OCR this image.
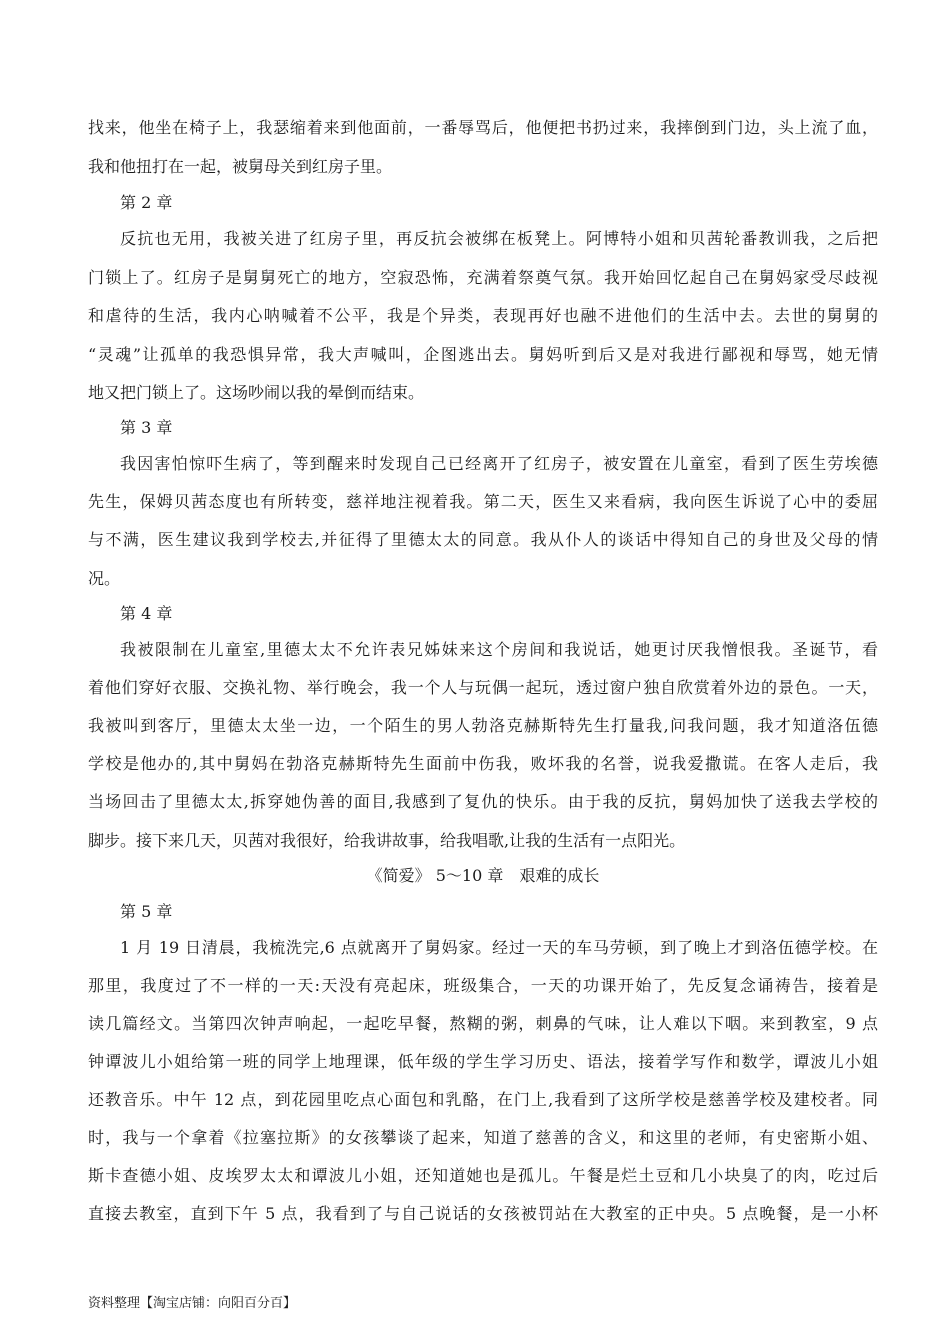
找来，他坐在椅子上，我瑟缩着来到他面前，一番辱骂后，他便把书扔过来，我摔倒到门边，头上流了血，
我和他扭打在一起，被舅母关到红房子里。
第 2 章
反抗也无用，我被关进了红房子里，再反抗会被绑在板凳上。阿博特小姐和贝茜轮番教训我，之后把
门锁上了。红房子是舅舅死亡的地方，空寂恐怖，充满着祭奠气氛。我开始回忆起自己在舅妈家受尽歧视
和虐待的生活，我内心呐喊着不公平，我是个异类，表现再好也融不进他们的生活中去。去世的舅舅的
“灵魂”让孤单的我恐惧异常，我大声喊叫，企图逃出去。舅妈听到后又是对我进行鄙视和辱骂，她无情
地又把门锁上了。这场吵闹以我的晕倒而结束。
第 3 章
我因害怕惊吓生病了，等到醒来时发现自己已经离开了红房子，被安置在儿童室，看到了医生劳埃德
先生，保姆贝茜态度也有所转变，慈祥地注视着我。第二天，医生又来看病，我向医生诉说了心中的委屈
与不满，医生建议我到学校去,并征得了里德太太的同意。我从仆人的谈话中得知自己的身世及父母的情
况。
第 4 章
我被限制在儿童室,里德太太不允许表兄姊妹来这个房间和我说话，她更讨厌我憎恨我。圣诞节，看
着他们穿好衣服、交换礼物、举行晚会，我一个人与玩偶一起玩，透过窗户独自欣赏着外边的景色。一天，
我被叫到客厅，里德太太坐一边，一个陌生的男人勃洛克赫斯特先生打量我,问我问题，我才知道洛伍德
学校是他办的,其中舅妈在勃洛克赫斯特先生面前中伤我，败坏我的名誉，说我爱撒谎。在客人走后，我
当场回击了里德太太,拆穿她伪善的面目,我感到了复仇的快乐。由于我的反抗，舅妈加快了送我去学校的
脚步。接下来几天，贝茜对我很好，给我讲故事，给我唱歌,让我的生活有一点阳光。
《简爱》 5～10 章　艰难的成长
第 5 章
1 月 19 日清晨，我梳洗完,6 点就离开了舅妈家。经过一天的车马劳顿，到了晚上才到洛伍德学校。在
那里，我度过了不一样的一天:天没有亮起床，班级集合，一天的功课开始了，先反复念诵祷告，接着是
读几篇经文。当第四次钟声响起，一起吃早餐，熬糊的粥，刺鼻的气味，让人难以下咽。来到教室，9 点
钟谭波儿小姐给第一班的同学上地理课，低年级的学生学习历史、语法，接着学写作和数学，谭波儿小姐
还教音乐。中午 12 点，到花园里吃点心面包和乳酪，在门上,我看到了这所学校是慈善学校及建校者。同
时，我与一个拿着《拉塞拉斯》的女孩攀谈了起来，知道了慈善的含义，和这里的老师，有史密斯小姐、
斯卡查德小姐、皮埃罗太太和谭波儿小姐，还知道她也是孤儿。午餐是烂土豆和几小块臭了的肉，吃过后
直接去教室，直到下午 5 点，我看到了与自己说话的女孩被罚站在大教室的正中央。5 点晚餐，是一小杯
资料整理【淘宝店铺：向阳百分百】
